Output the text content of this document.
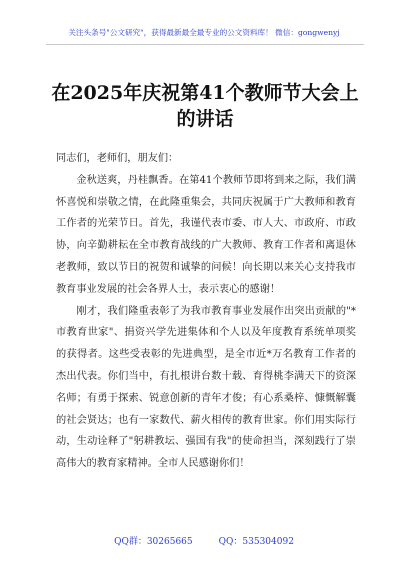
关注头条号"公文研究"，获得最新最全最专业的公文资料库！ 微信：gongwenyj
在2025年庆祝第41个教师节大会上的讲话

同志们，老师们，朋友们：

金秋送爽，丹桂飘香。在第41个教师节即将到来之际，我们满怀喜悦和崇敬之情，在此隆重集会，共同庆祝属于广大教师和教育工作者的光荣节日。首先，我谨代表市委、市人大、市政府、市政协，向辛勤耕耘在全市教育战线的广大教师、教育工作者和离退休老教师，致以节日的祝贺和诚挚的问候！向长期以来关心支持我市教育事业发展的社会各界人士，表示衷心的感谢！

刚才，我们隆重表彰了为我市教育事业发展作出突出贡献的"*市教育世家"、捐资兴学先进集体和个人以及年度教育系统单项奖的获得者。这些受表彰的先进典型，是全市近*万名教育工作者的杰出代表。你们当中，有扎根讲台数十载、育得桃李满天下的资深名师；有勇于探索、锐意创新的青年才俊；有心系桑梓、慷慨解囊的社会贤达；也有一家数代、薪火相传的教育世家。你们用实际行动，生动诠释了"躬耕教坛、强国有我"的使命担当，深刻践行了崇高伟大的教育家精神。全市人民感谢你们！

QQ群：30265665	QQ：535304092
